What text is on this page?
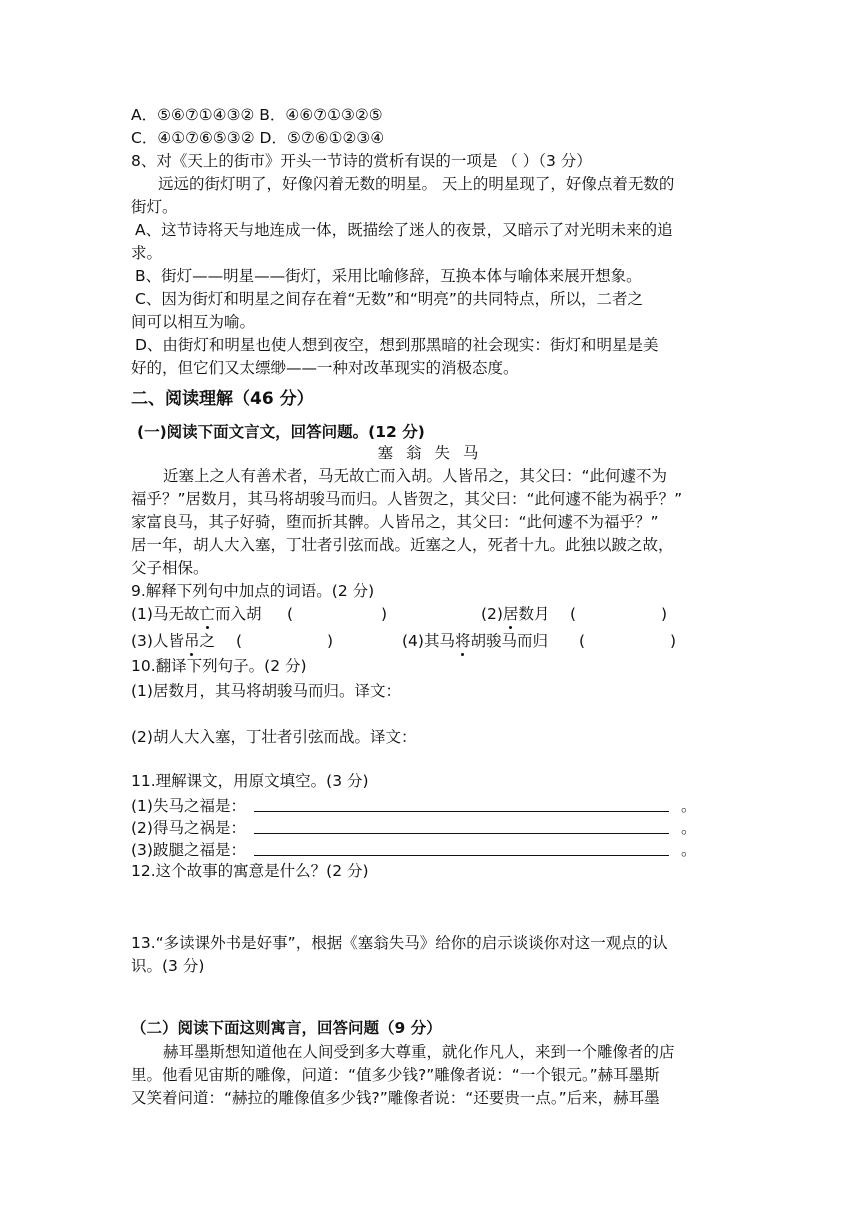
A．⑤⑥⑦①④③② B．④⑥⑦①③②⑤
C．④①⑦⑥⑤③② D．⑤⑦⑥①②③④
8、对《天上的街市》开头一节诗的赏析有误的一项是 （ ）（3 分）
远远的街灯明了，好像闪着无数的明星。 天上的明星现了，好像点着无数的
街灯。
A、这节诗将天与地连成一体，既描绘了迷人的夜景，又暗示了对光明未来的追
求。
B、街灯——明星——街灯，采用比喻修辞，互换本体与喻体来展开想象。
C、因为街灯和明星之间存在着“无数”和“明亮”的共同特点，所以，二者之
间可以相互为喻。
D、由街灯和明星也使人想到夜空，想到那黑暗的社会现实：街灯和明星是美
好的，但它们又太缥缈——一种对改革现实的消极态度。
二、阅读理解（46 分）
(一)阅读下面文言文，回答问题。(12 分)
塞 翁 失 马
近塞上之人有善术者，马无故亡而入胡。人皆吊之，其父曰：“此何遽不为
福乎？”居数月，其马将胡骏马而归。人皆贺之，其父曰：“此何遽不能为祸乎？”
家富良马，其子好骑，堕而折其髀。人皆吊之，其父曰：“此何遽不为福乎？”
居一年，胡人大入塞，丁壮者引弦而战。近塞之人，死者十九。此独以跛之故，
父子相保。
9.解释下列句中加点的词语。(2 分)
(1)马无故亡而入胡 (	)	(2)居数月 (	)
(3)人皆吊之 (	)	(4)其马将胡骏马而归 (	)
10.翻译下列句子。(2 分)
(1)居数月，其马将胡骏马而归。译文：
(2)胡人大入塞，丁壮者引弦而战。译文：
11.理解课文，用原文填空。(3 分)
(1)失马之福是：	。
(2)得马之祸是：	。
(3)跛腿之福是：	。
12.这个故事的寓意是什么？(2 分)
13.“多读课外书是好事”，根据《塞翁失马》给你的启示谈谈你对这一观点的认
识。(3 分)
（二）阅读下面这则寓言，回答问题（9 分）
赫耳墨斯想知道他在人间受到多大尊重，就化作凡人，来到一个雕像者的店
里。他看见宙斯的雕像，问道：“值多少钱?”雕像者说：“一个银元。”赫耳墨斯
又笑着问道：“赫拉的雕像值多少钱?”雕像者说：“还要贵一点。”后来，赫耳墨
